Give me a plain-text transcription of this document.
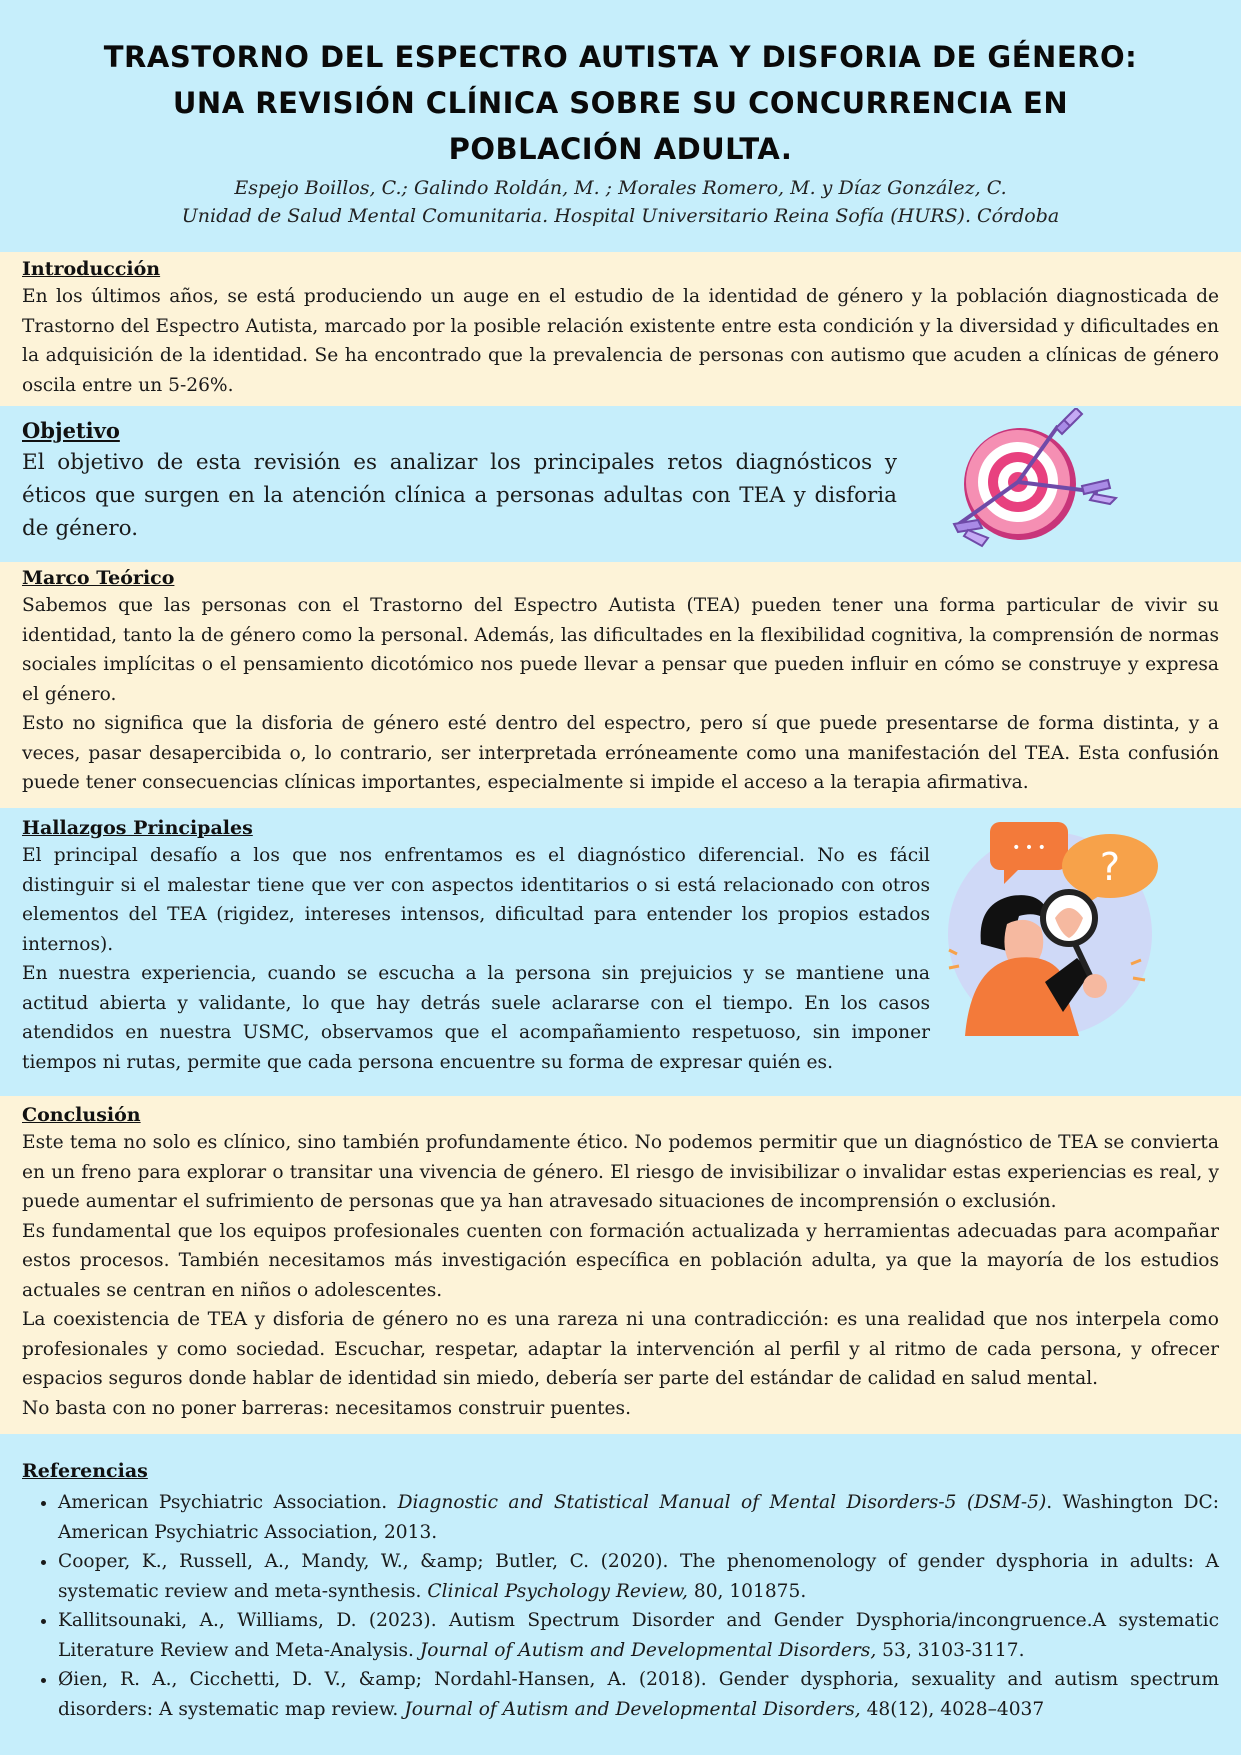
TRASTORNO DEL ESPECTRO AUTISTA Y DISFORIA DE GÉNERO:
UNA REVISIÓN CLÍNICA SOBRE SU CONCURRENCIA EN
POBLACIÓN ADULTA.
Espejo Boillos, C.; Galindo Roldán, M. ; Morales Romero, M. y Díaz González, C.
Unidad de Salud Mental Comunitaria. Hospital Universitario Reina Sofía (HURS). Córdoba
Introducción

En los últimos años, se está produciendo un auge en el estudio de la identidad de género y la población diagnosticada de Trastorno del Espectro Autista, marcado por la posible relación existente entre esta condición y la diversidad y dificultades en la adquisición de la identidad. Se ha encontrado que la prevalencia de personas con autismo que acuden a clínicas de género oscila entre un 5-26%.

Objetivo

El objetivo de esta revisión es analizar los principales retos diagnósticos y éticos que surgen en la atención clínica a personas adultas con TEA y disforia de género.

Marco Teórico

Sabemos que las personas con el Trastorno del Espectro Autista (TEA) pueden tener una forma particular de vivir su identidad, tanto la de género como la personal. Además, las dificultades en la flexibilidad cognitiva, la comprensión de normas sociales implícitas o el pensamiento dicotómico nos puede llevar a pensar que pueden influir en cómo se construye y expresa el género.

Esto no significa que la disforia de género esté dentro del espectro, pero sí que puede presentarse de forma distinta, y a veces, pasar desapercibida o, lo contrario, ser interpretada erróneamente como una manifestación del TEA. Esta confusión puede tener consecuencias clínicas importantes, especialmente si impide el acceso a la terapia afirmativa.

Hallazgos Principales

El principal desafío a los que nos enfrentamos es el diagnóstico diferencial. No es fácil distinguir si el malestar tiene que ver con aspectos identitarios o si está relacionado con otros elementos del TEA (rigidez, intereses intensos, dificultad para entender los propios estados internos).

En nuestra experiencia, cuando se escucha a la persona sin prejuicios y se mantiene una actitud abierta y validante, lo que hay detrás suele aclararse con el tiempo. En los casos atendidos en nuestra USMC, observamos que el acompañamiento respetuoso, sin imponer tiempos ni rutas, permite que cada persona encuentre su forma de expresar quién es.

• • • ?
Conclusión

Este tema no solo es clínico, sino también profundamente ético. No podemos permitir que un diagnóstico de TEA se convierta en un freno para explorar o transitar una vivencia de género. El riesgo de invisibilizar o invalidar estas experiencias es real, y puede aumentar el sufrimiento de personas que ya han atravesado situaciones de incomprensión o exclusión.

Es fundamental que los equipos profesionales cuenten con formación actualizada y herramientas adecuadas para acompañar estos procesos. También necesitamos más investigación específica en población adulta, ya que la mayoría de los estudios actuales se centran en niños o adolescentes.

La coexistencia de TEA y disforia de género no es una rareza ni una contradicción: es una realidad que nos interpela como profesionales y como sociedad. Escuchar, respetar, adaptar la intervención al perfil y al ritmo de cada persona, y ofrecer espacios seguros donde hablar de identidad sin miedo, debería ser parte del estándar de calidad en salud mental.

No basta con no poner barreras: necesitamos construir puentes.

Referencias
• American Psychiatric Association. Diagnostic and Statistical Manual of Mental Disorders-5 (DSM-5). Washington DC: American Psychiatric Association, 2013.
• Cooper, K., Russell, A., Mandy, W., &amp; Butler, C. (2020). The phenomenology of gender dysphoria in adults: A systematic review and meta-synthesis. Clinical Psychology Review, 80, 101875.
• Kallitsounaki, A., Williams, D. (2023). Autism Spectrum Disorder and Gender Dysphoria/incongruence.A systematic Literature Review and Meta-Analysis. Journal of Autism and Developmental Disorders, 53, 3103-3117.
• Øien, R. A., Cicchetti, D. V., &amp; Nordahl-Hansen, A. (2018). Gender dysphoria, sexuality and autism spectrum disorders: A systematic map review. Journal of Autism and Developmental Disorders, 48(12), 4028–4037
